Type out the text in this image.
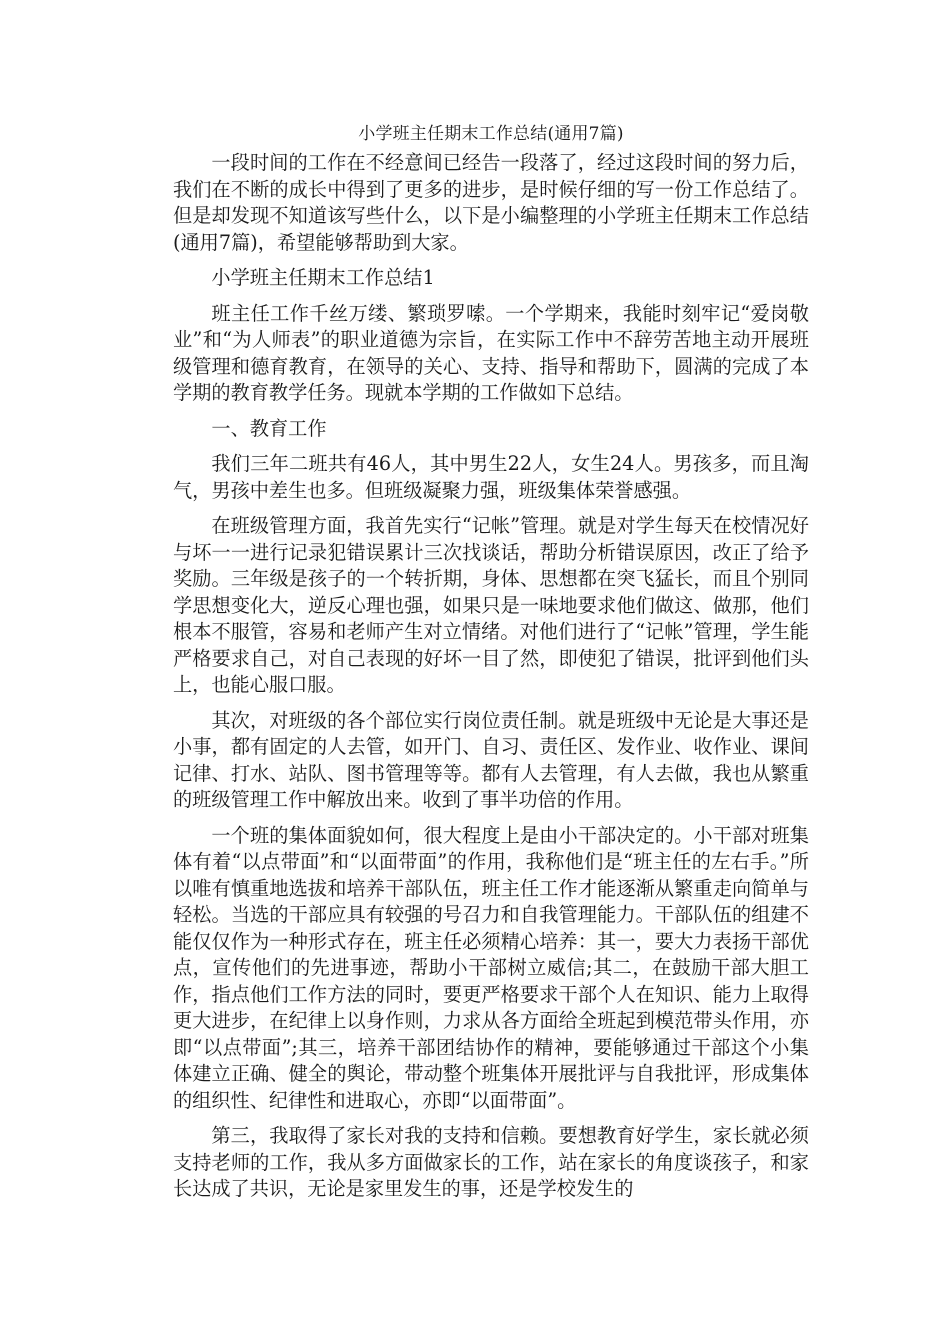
小学班主任期末工作总结(通用7篇)

一段时间的工作在不经意间已经告一段落了，经过这段时间的努力后，我们在不断的成长中得到了更多的进步，是时候仔细的写一份工作总结了。但是却发现不知道该写些什么，以下是小编整理的小学班主任期末工作总结(通用7篇)，希望能够帮助到大家。

小学班主任期末工作总结1

班主任工作千丝万缕、繁琐罗嗦。一个学期来，我能时刻牢记“爱岗敬业”和“为人师表”的职业道德为宗旨，在实际工作中不辞劳苦地主动开展班级管理和德育教育，在领导的关心、支持、指导和帮助下，圆满的完成了本学期的教育教学任务。现就本学期的工作做如下总结。

一、教育工作

我们三年二班共有46人，其中男生22人，女生24人。男孩多，而且淘气，男孩中差生也多。但班级凝聚力强，班级集体荣誉感强。

在班级管理方面，我首先实行“记帐”管理。就是对学生每天在校情况好与坏一一进行记录犯错误累计三次找谈话，帮助分析错误原因，改正了给予奖励。三年级是孩子的一个转折期，身体、思想都在突飞猛长，而且个别同学思想变化大，逆反心理也强，如果只是一味地要求他们做这、做那，他们根本不服管，容易和老师产生对立情绪。对他们进行了“记帐”管理，学生能严格要求自己，对自己表现的好坏一目了然，即使犯了错误，批评到他们头上，也能心服口服。

其次，对班级的各个部位实行岗位责任制。就是班级中无论是大事还是小事，都有固定的人去管，如开门、自习、责任区、发作业、收作业、课间记律、打水、站队、图书管理等等。都有人去管理，有人去做，我也从繁重的班级管理工作中解放出来。收到了事半功倍的作用。

一个班的集体面貌如何，很大程度上是由小干部决定的。小干部对班集体有着“以点带面”和“以面带面”的作用，我称他们是“班主任的左右手。”所以唯有慎重地选拔和培养干部队伍，班主任工作才能逐渐从繁重走向简单与轻松。当选的干部应具有较强的号召力和自我管理能力。干部队伍的组建不能仅仅作为一种形式存在，班主任必须精心培养：其一，要大力表扬干部优点，宣传他们的先进事迹，帮助小干部树立威信;其二，在鼓励干部大胆工作，指点他们工作方法的同时，要更严格要求干部个人在知识、能力上取得更大进步，在纪律上以身作则，力求从各方面给全班起到模范带头作用，亦即“以点带面”;其三，培养干部团结协作的精神，要能够通过干部这个小集体建立正确、健全的舆论，带动整个班集体开展批评与自我批评，形成集体的组织性、纪律性和进取心，亦即“以面带面”。

第三，我取得了家长对我的支持和信赖。要想教育好学生，家长就必须支持老师的工作，我从多方面做家长的工作，站在家长的角度谈孩子，和家长达成了共识，无论是家里发生的事，还是学校发生的
